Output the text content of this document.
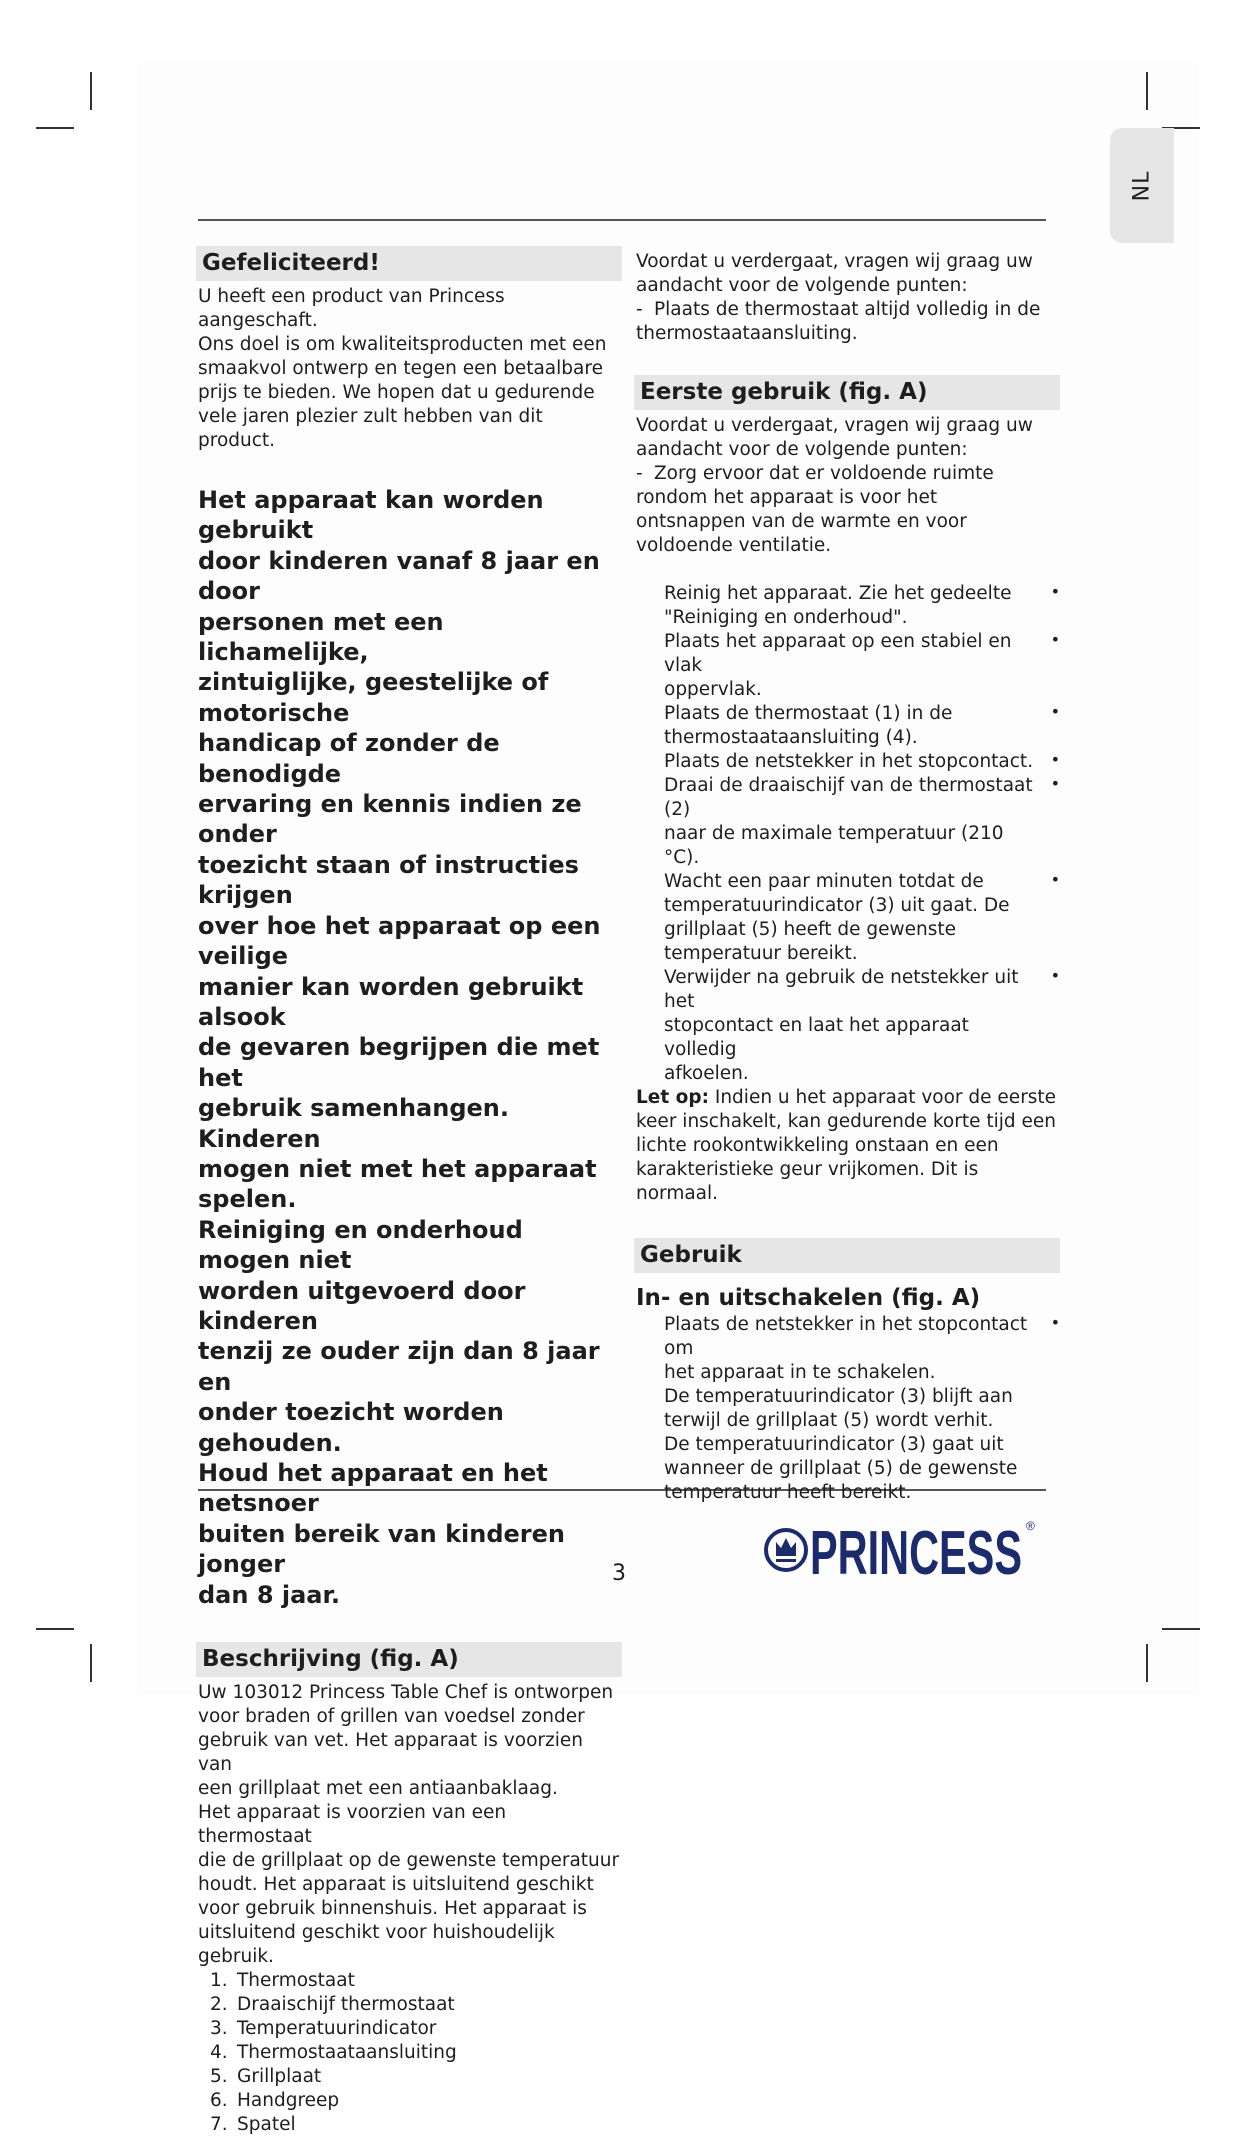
NL
Gefeliciteerd!

U heeft een product van Princess aangeschaft.

Ons doel is om kwaliteitsproducten met een

smaakvol ontwerp en tegen een betaalbare

prijs te bieden. We hopen dat u gedurende

vele jaren plezier zult hebben van dit product.

Het apparaat kan worden gebruikt
door kinderen vanaf 8 jaar en door
personen met een lichamelijke,
zintuiglijke, geestelijke of motorische
handicap of zonder de benodigde
ervaring en kennis indien ze onder
toezicht staan of instructies krijgen
over hoe het apparaat op een veilige
manier kan worden gebruikt alsook
de gevaren begrijpen die met het
gebruik samenhangen. Kinderen
mogen niet met het apparaat spelen.
Reiniging en onderhoud mogen niet
worden uitgevoerd door kinderen
tenzij ze ouder zijn dan 8 jaar en
onder toezicht worden gehouden.
Houd het apparaat en het netsnoer
buiten bereik van kinderen jonger
dan 8 jaar.
Beschrijving (fig. A)

Uw 103012 Princess Table Chef is ontworpen

voor braden of grillen van voedsel zonder

gebruik van vet. Het apparaat is voorzien van

een grillplaat met een antiaanbaklaag.

Het apparaat is voorzien van een thermostaat

die de grillplaat op de gewenste temperatuur

houdt. Het apparaat is uitsluitend geschikt

voor gebruik binnenshuis. Het apparaat is

uitsluitend geschikt voor huishoudelijk gebruik.

1. Thermostaat
2. Draaischijf thermostaat
3. Temperatuurindicator
4. Thermostaataansluiting
5. Grillplaat
6. Handgreep
7. Spatel

Voordat u verdergaat, vragen wij graag uw

aandacht voor de volgende punten:

- Plaats de thermostaat altijd volledig in de

thermostaataansluiting.

Eerste gebruik (fig. A)

Voordat u verdergaat, vragen wij graag uw

aandacht voor de volgende punten:

- Zorg ervoor dat er voldoende ruimte

rondom het apparaat is voor het

ontsnappen van de warmte en voor

voldoende ventilatie.

Reinig het apparaat. Zie het gedeelte

"Reiniging en onderhoud".

•

Plaats het apparaat op een stabiel en vlak

oppervlak.

•

Plaats de thermostaat (1) in de

thermostaataansluiting (4).

•

Plaats de netstekker in het stopcontact. •

Draai de draaischijf van de thermostaat (2)

naar de maximale temperatuur (210 °C).

•

Wacht een paar minuten totdat de

temperatuurindicator (3) uit gaat. De

grillplaat (5) heeft de gewenste

temperatuur bereikt.

•

Verwijder na gebruik de netstekker uit het

stopcontact en laat het apparaat volledig

afkoelen.

•

Let op: Indien u het apparaat voor de eerste

keer inschakelt, kan gedurende korte tijd een

lichte rookontwikkeling onstaan en een

karakteristieke geur vrijkomen. Dit is normaal.

Gebruik
In- en uitschakelen (fig. A)

Plaats de netstekker in het stopcontact om

het apparaat in te schakelen.

•

De temperatuurindicator (3) blijft aan

terwijl de grillplaat (5) wordt verhit.

De temperatuurindicator (3) gaat uit

wanneer de grillplaat (5) de gewenste

temperatuur heeft bereikt.

3	PRINCESS ®
